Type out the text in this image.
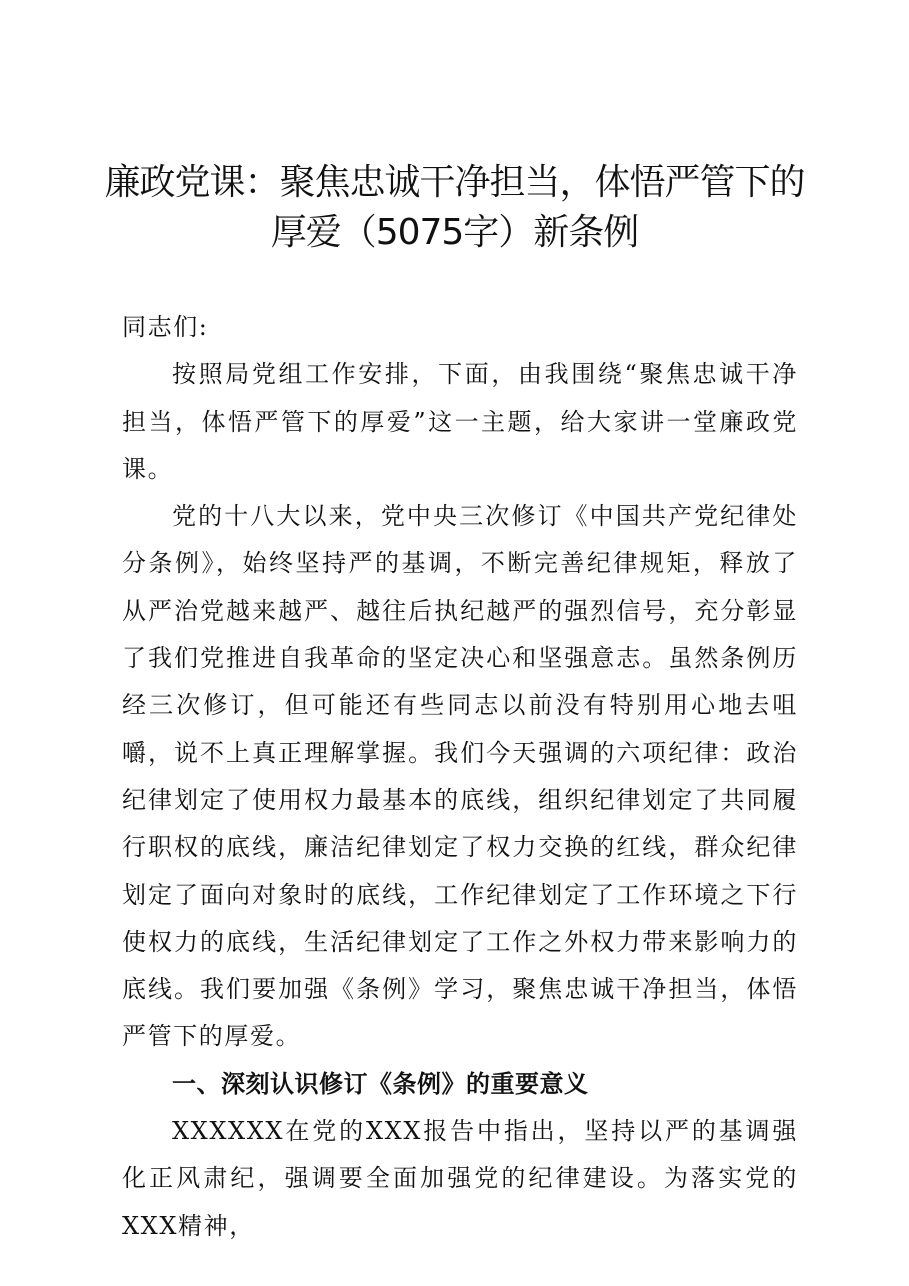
廉政党课：聚焦忠诚干净担当，体悟严管下的
厚爱（5075字）新条例

同志们:

按照局党组工作安排，下面，由我围绕“聚焦忠诚干净担当，体悟严管下的厚爱”这一主题，给大家讲一堂廉政党课。

党的十八大以来，党中央三次修订《中国共产党纪律处分条例》，始终坚持严的基调，不断完善纪律规矩，释放了从严治党越来越严、越往后执纪越严的强烈信号，充分彰显了我们党推进自我革命的坚定决心和坚强意志。虽然条例历经三次修订，但可能还有些同志以前没有特别用心地去咀嚼，说不上真正理解掌握。我们今天强调的六项纪律：政治纪律划定了使用权力最基本的底线，组织纪律划定了共同履行职权的底线，廉洁纪律划定了权力交换的红线，群众纪律划定了面向对象时的底线，工作纪律划定了工作环境之下行使权力的底线，生活纪律划定了工作之外权力带来影响力的底线。我们要加强《条例》学习，聚焦忠诚干净担当，体悟严管下的厚爱。

一、深刻认识修订《条例》的重要意义

XXXXXX在党的XXX报告中指出，坚持以严的基调强化正风肃纪，强调要全面加强党的纪律建设。为落实党的XXX精神，
